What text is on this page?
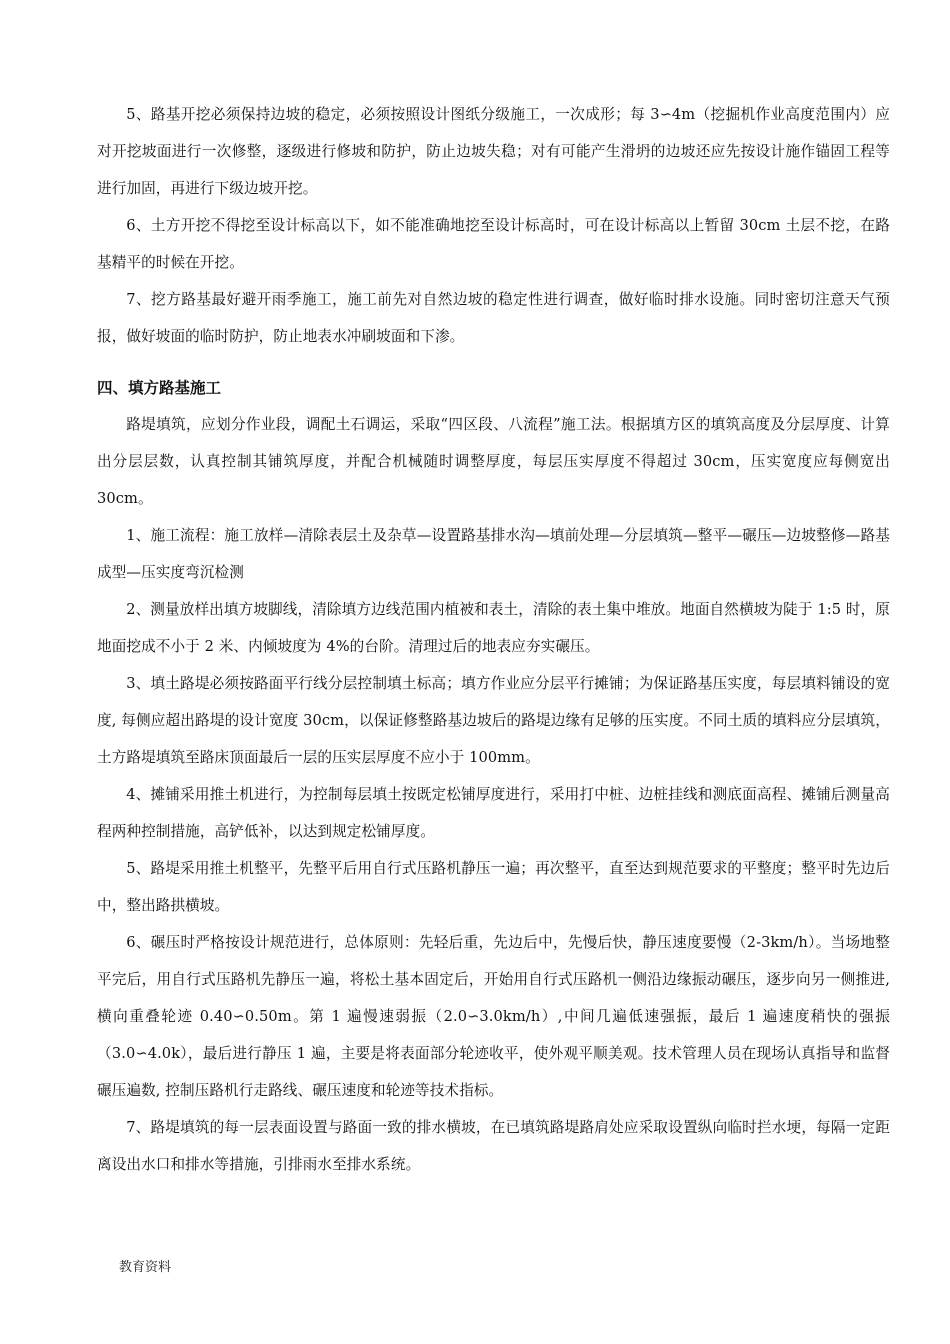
5、路基开挖必须保持边坡的稳定，必须按照设计图纸分级施工，一次成形；每 3∽4m（挖掘机作业高度范围内）应对开挖坡面进行一次修整，逐级进行修坡和防护，防止边坡失稳；对有可能产生滑坍的边坡还应先按设计施作锚固工程等进行加固，再进行下级边坡开挖。

6、土方开挖不得挖至设计标高以下，如不能准确地挖至设计标高时，可在设计标高以上暂留 30cm 土层不挖，在路基精平的时候在开挖。

7、挖方路基最好避开雨季施工，施工前先对自然边坡的稳定性进行调查，做好临时排水设施。同时密切注意天气预报，做好坡面的临时防护，防止地表水冲刷坡面和下渗。

四、填方路基施工

路堤填筑，应划分作业段，调配土石调运，采取“四区段、八流程”施工法。根据填方区的填筑高度及分层厚度、计算出分层层数，认真控制其铺筑厚度，并配合机械随时调整厚度，每层压实厚度不得超过 30cm，压实宽度应每侧宽出 30cm。

1、施工流程：施工放样—清除表层土及杂草—设置路基排水沟—填前处理—分层填筑—整平—碾压—边坡整修—路基成型—压实度弯沉检测

2、测量放样出填方坡脚线，清除填方边线范围内植被和表土，清除的表土集中堆放。地面自然横坡为陡于 1:5 时，原地面挖成不小于 2 米、内倾坡度为 4%的台阶。清理过后的地表应夯实碾压。

3、填土路堤必须按路面平行线分层控制填土标高；填方作业应分层平行摊铺；为保证路基压实度，每层填料铺设的宽度, 每侧应超出路堤的设计宽度 30cm，以保证修整路基边坡后的路堤边缘有足够的压实度。不同土质的填料应分层填筑，土方路堤填筑至路床顶面最后一层的压实层厚度不应小于 100mm。

4、摊铺采用推土机进行，为控制每层填土按既定松铺厚度进行，采用打中桩、边桩挂线和测底面高程、摊铺后测量高程两种控制措施，高铲低补，以达到规定松铺厚度。

5、路堤采用推土机整平，先整平后用自行式压路机静压一遍；再次整平，直至达到规范要求的平整度；整平时先边后中，整出路拱横坡。

6、碾压时严格按设计规范进行，总体原则：先轻后重，先边后中，先慢后快，静压速度要慢（2-3km/h）。当场地整平完后，用自行式压路机先静压一遍，将松土基本固定后，开始用自行式压路机一侧沿边缘振动碾压，逐步向另一侧推进, 横向重叠轮迹 0.40∽0.50m。第 1 遍慢速弱振（2.0∽3.0km/h）,中间几遍低速强振，最后 1 遍速度稍快的强振（3.0∽4.0k），最后进行静压 1 遍，主要是将表面部分轮迹收平，使外观平顺美观。技术管理人员在现场认真指导和监督碾压遍数, 控制压路机行走路线、碾压速度和轮迹等技术指标。

7、路堤填筑的每一层表面设置与路面一致的排水横坡，在已填筑路堤路肩处应采取设置纵向临时拦水埂，每隔一定距离设出水口和排水等措施，引排雨水至排水系统。

教育资料
